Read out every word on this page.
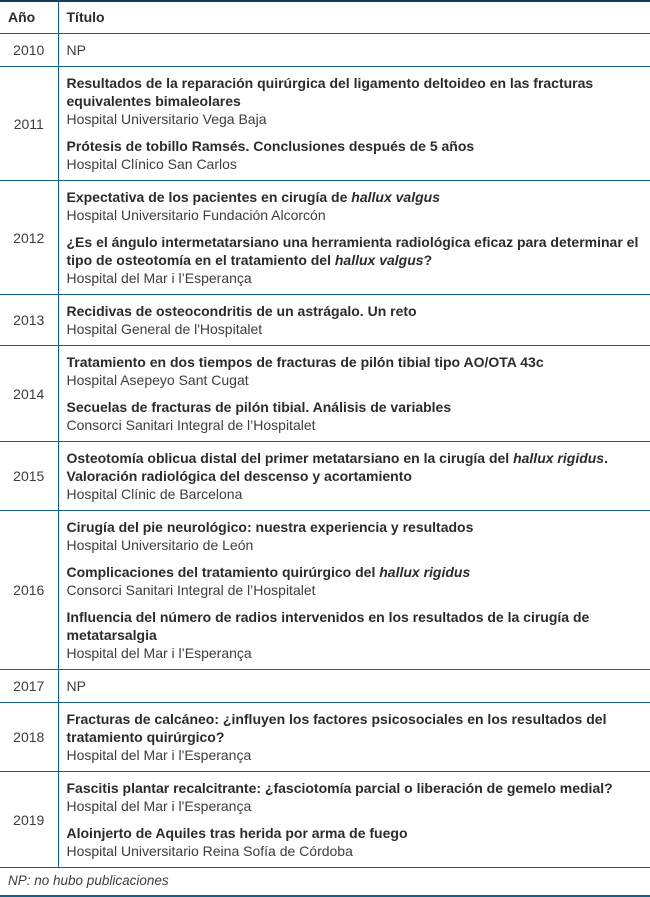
Año	Título
2010	NP
2011	Resultados de la reparación quirúrgica del ligamento deltoideo en las fracturas equivalentes bimaleolares
Hospital Universitario Vega Baja
Prótesis de tobillo Ramsés. Conclusiones después de 5 años
Hospital Clínico San Carlos

2012	Expectativa de los pacientes en cirugía de hallux valgus
Hospital Universitario Fundación Alcorcón
¿Es el ángulo intermetatarsiano una herramienta radiológica eficaz para determinar el tipo de osteotomía en el tratamiento del hallux valgus?
Hospital del Mar i l’Esperança

2013	Recidivas de osteocondritis de un astrágalo. Un reto
Hospital General de l'Hospitalet

2014	Tratamiento en dos tiempos de fracturas de pilón tibial tipo AO/OTA 43c
Hospital Asepeyo Sant Cugat
Secuelas de fracturas de pilón tibial. Análisis de variables
Consorci Sanitari Integral de l’Hospitalet

2015	Osteotomía oblicua distal del primer metatarsiano en la cirugía del hallux rigidus. Valoración radiológica del descenso y acortamiento
Hospital Clínic de Barcelona

2016	
Cirugía del pie neurológico: nuestra experiencia y resultados
Hospital Universitario de León
Complicaciones del tratamiento quirúrgico del hallux rigidus
Consorci Sanitari Integral de l’Hospitalet
Influencia del número de radios intervenidos en los resultados de la cirugía de metatarsalgia
Hospital del Mar i l’Esperança

2017	NP
2018	Fracturas de calcáneo: ¿influyen los factores psicosociales en los resultados del tratamiento quirúrgico?
Hospital del Mar i l'Esperança

2019	Fascitis plantar recalcitrante: ¿fasciotomía parcial o liberación de gemelo medial?
Hospital del Mar i l'Esperança
Aloinjerto de Aquiles tras herida por arma de fuego
Hospital Universitario Reina Sofía de Córdoba
NP: no hubo publicaciones
